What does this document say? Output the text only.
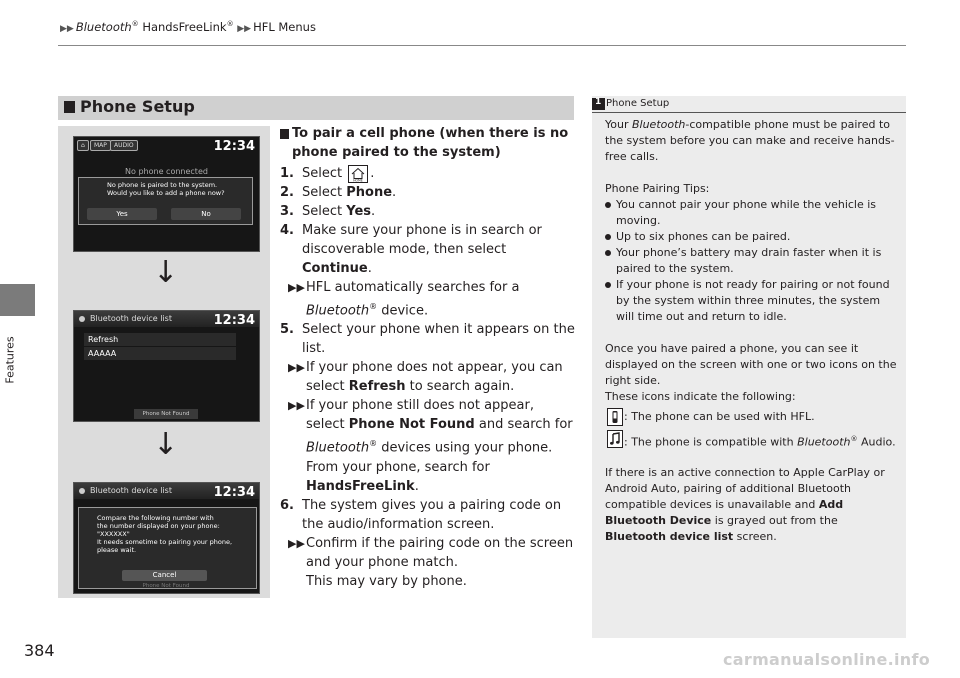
▶▶ Bluetooth® HandsFreeLink® ▶▶ HFL Menus
Features
Phone Setup
⌂	MAP	AUDIO	12:34
No phone connected
No phone is paired to the system.
Would you like to add a phone now?
Yes	No
↓
Bluetooth device list	12:34
Refresh
AAAAA
Phone Not Found
↓
Bluetooth device list	12:34
Compare the following number with
the number displayed on your phone:
"XXXXXX"
It needs sometime to pairing your phone,
please wait.
Cancel
Phone Not Found
To pair a cell phone (when there is no phone paired to the system)
1. Select HOME .
2. Select Phone.
3. Select Yes.
4. Make sure your phone is in search or discoverable mode, then select Continue.
▶▶ HFL automatically searches for a Bluetooth® device.
5. Select your phone when it appears on the list.
▶▶ If your phone does not appear, you can select Refresh to search again.
▶▶ If your phone still does not appear, select Phone Not Found and search for Bluetooth® devices using your phone.
From your phone, search for HandsFreeLink.
6. The system gives you a pairing code on the audio/information screen.
▶▶ Confirm if the pairing code on the screen and your phone match.
This may vary by phone.
1 Phone Setup

Your Bluetooth-compatible phone must be paired to the system before you can make and receive hands-free calls.

Phone Pairing Tips:

You cannot pair your phone while the vehicle is moving.
Up to six phones can be paired.
Your phone’s battery may drain faster when it is paired to the system.
If your phone is not ready for pairing or not found by the system within three minutes, the system will time out and return to idle.

Once you have paired a phone, you can see it displayed on the screen with one or two icons on the right side.

These icons indicate the following:

: The phone can be used with HFL.
: The phone is compatible with Bluetooth® Audio.

If there is an active connection to Apple CarPlay or Android Auto, pairing of additional Bluetooth compatible devices is unavailable and Add Bluetooth Device is grayed out from the Bluetooth device list screen.

384	carmanualsonline.info
